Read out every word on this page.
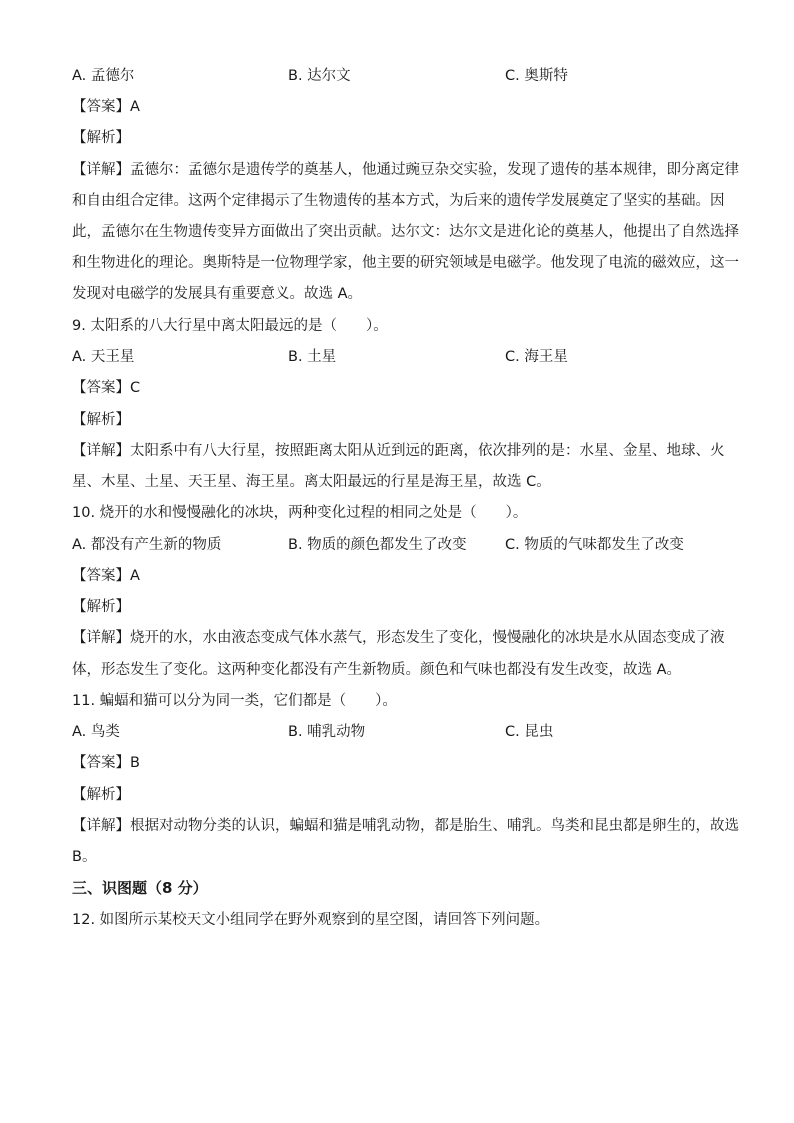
A. 孟德尔	B. 达尔文	C. 奥斯特
【答案】A
【解析】
【详解】孟德尔：孟德尔是遗传学的奠基人，他通过豌豆杂交实验，发现了遗传的基本规律，即分离定律
和自由组合定律。这两个定律揭示了生物遗传的基本方式，为后来的遗传学发展奠定了坚实的基础。因
此，孟德尔在生物遗传变异方面做出了突出贡献。达尔文：达尔文是进化论的奠基人，他提出了自然选择
和生物进化的理论。奥斯特是一位物理学家，他主要的研究领域是电磁学。他发现了电流的磁效应，这一
发现对电磁学的发展具有重要意义。故选 A。
9. 太阳系的八大行星中离太阳最远的是（　　）。
A. 天王星	B. 土星	C. 海王星
【答案】C
【解析】
【详解】太阳系中有八大行星，按照距离太阳从近到远的距离，依次排列的是：水星、金星、地球、火
星、木星、土星、天王星、海王星。离太阳最远的行星是海王星，故选 C。
10. 烧开的水和慢慢融化的冰块，两种变化过程的相同之处是（　　）。
A. 都没有产生新的物质	B. 物质的颜色都发生了改变	C. 物质的气味都发生了改变
【答案】A
【解析】
【详解】烧开的水，水由液态变成气体水蒸气，形态发生了变化，慢慢融化的冰块是水从固态变成了液
体，形态发生了变化。这两种变化都没有产生新物质。颜色和气味也都没有发生改变，故选 A。
11. 蝙蝠和猫可以分为同一类，它们都是（　　）。
A. 鸟类	B. 哺乳动物	C. 昆虫
【答案】B
【解析】
【详解】根据对动物分类的认识，蝙蝠和猫是哺乳动物，都是胎生、哺乳。鸟类和昆虫都是卵生的，故选
B。
三、识图题（8 分）
12. 如图所示某校天文小组同学在野外观察到的星空图，请回答下列问题。
